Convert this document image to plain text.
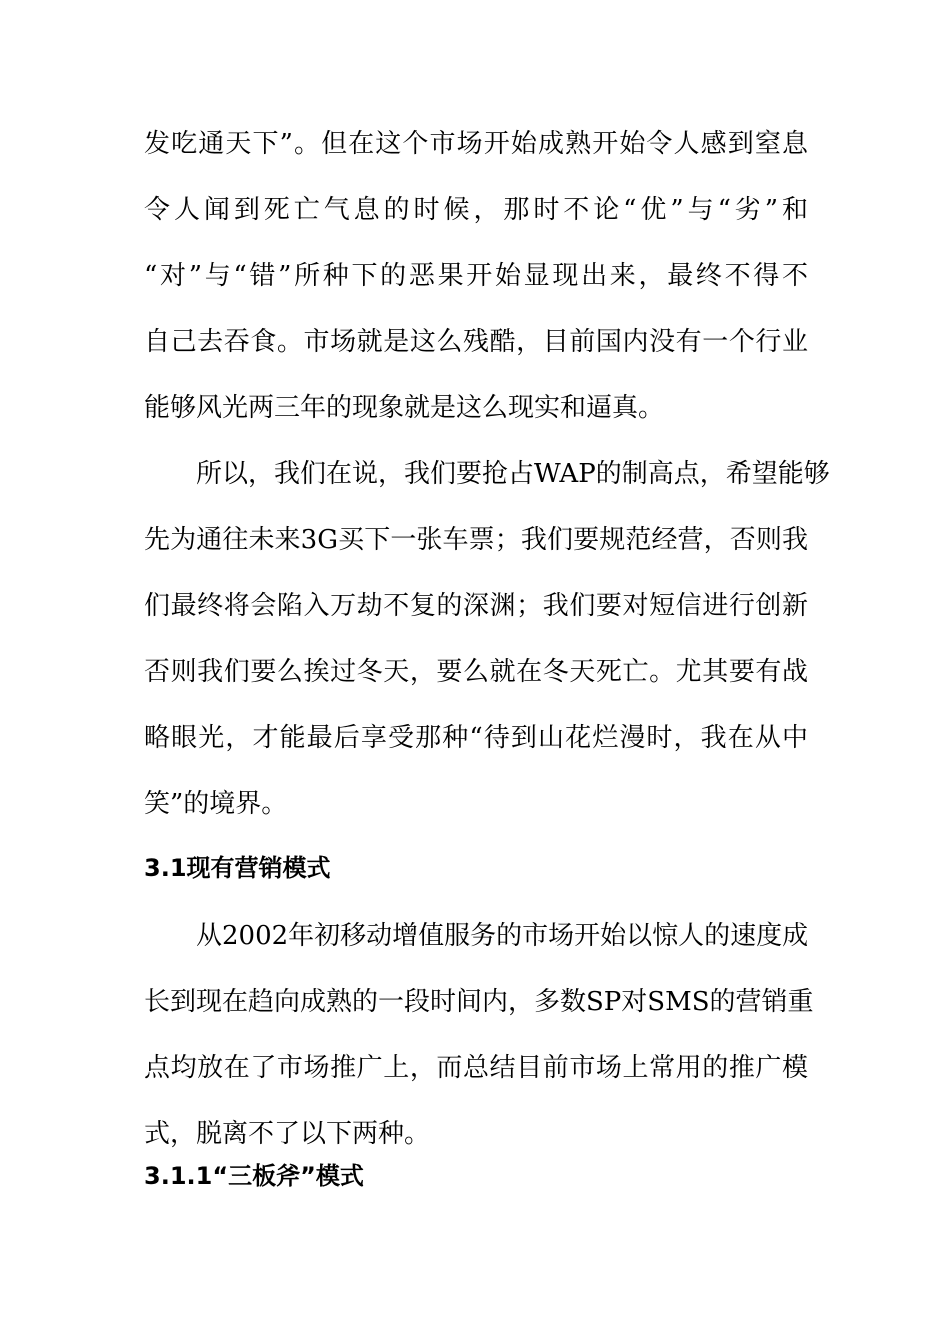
发吃通天下”。但在这个市场开始成熟开始令人感到窒息
令人闻到死亡气息的时候，那时不论“优”与“劣”和
“对”与“错”所种下的恶果开始显现出来，最终不得不
自己去吞食。市场就是这么残酷，目前国内没有一个行业
能够风光两三年的现象就是这么现实和逼真。
所以，我们在说，我们要抢占WAP的制高点，希望能够
先为通往未来3G买下一张车票；我们要规范经营，否则我
们最终将会陷入万劫不复的深渊；我们要对短信进行创新
否则我们要么挨过冬天，要么就在冬天死亡。尤其要有战
略眼光，才能最后享受那种“待到山花烂漫时，我在从中
笑”的境界。
3.1现有营销模式
从2002年初移动增值服务的市场开始以惊人的速度成
长到现在趋向成熟的一段时间内，多数SP对SMS的营销重
点均放在了市场推广上，而总结目前市场上常用的推广模
式，脱离不了以下两种。
3.1.1“三板斧”模式
